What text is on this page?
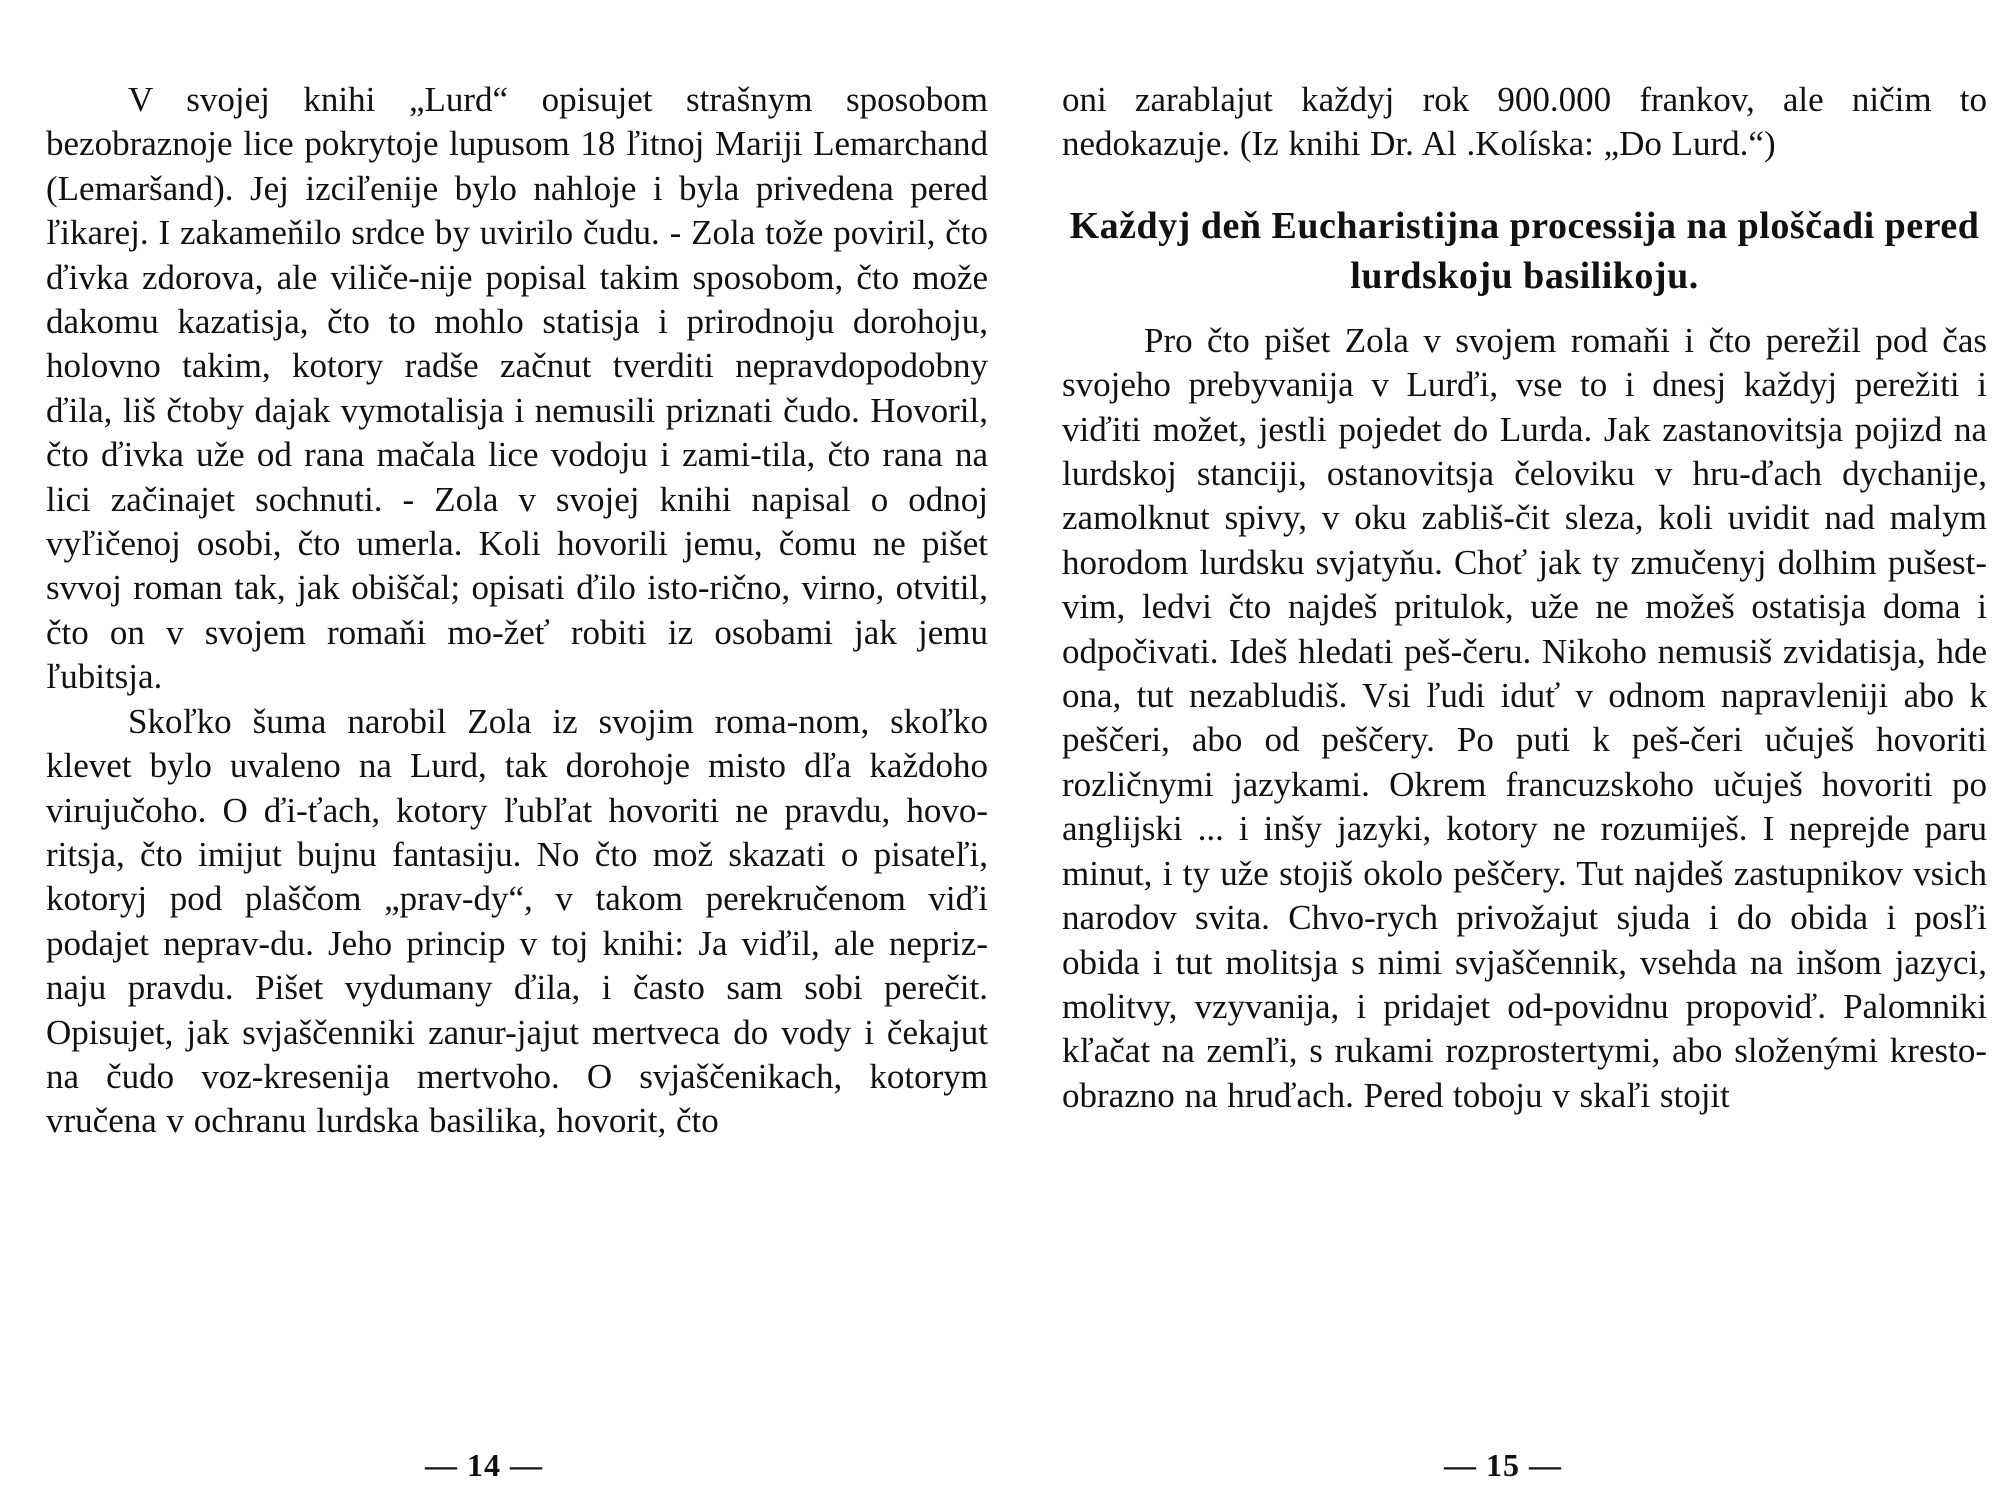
V svojej knihi „Lurd“ opisujet strašnym sposobom bezobraznoje lice pokrytoje lupusom 18 ľitnoj Mariji Lemarchand (Lemaršand). Jej izciľenije bylo nahloje i byla privedena pered ľikarej. I zakameňilo srdce by uvirilo čudu. - Zola tože poviril, čto ďivka zdorova, ale viliče-nije popisal takim sposobom, čto može dakomu kazatisja, čto to mohlo statisja i prirodnoju dorohoju, holovno takim, kotory radše začnut tverditi nepravdopodobny ďila, liš čtoby dajak vymotalisja i nemusili priznati čudo. Hovoril, čto ďivka uže od rana mačala lice vodoju i zami-tila, čto rana na lici začinajet sochnuti. - Zola v svojej knihi napisal o odnoj vyľičenoj osobi, čto umerla. Koli hovorili jemu, čomu ne pišet svvoj roman tak, jak obiščal; opisati ďilo isto-rično, virno, otvitil, čto on v svojem romaňi mo-žeť robiti iz osobami jak jemu ľubitsja.

Skoľko šuma narobil Zola iz svojim roma-nom, skoľko klevet bylo uvaleno na Lurd, tak dorohoje misto dľa každoho virujučoho. O ďi-ťach, kotory ľubľat hovoriti ne pravdu, hovo-ritsja, čto imijut bujnu fantasiju. No čto mož skazati o pisateľi, kotoryj pod plaščom „prav-dy“, v takom perekručenom viďi podajet neprav-du. Jeho princip v toj knihi: Ja viďil, ale nepriz-naju pravdu. Pišet vydumany ďila, i často sam sobi perečit. Opisujet, jak svjaščenniki zanur-jajut mertveca do vody i čekajut na čudo voz-kresenija mertvoho. O svjaščenikach, kotorym vručena v ochranu lurdska basilika, hovorit, čto

— 14 —

oni zarablajut každyj rok 900.000 frankov, ale ničim to nedokazuje. (Iz knihi Dr. Al .Kolíska: „Do Lurd.“)

Každyj deň Eucharistijna processija na ploščadi pered lurdskoju basilikoju.

Pro čto pišet Zola v svojem romaňi i čto perežil pod čas svojeho prebyvanija v Lurďi, vse to i dnesj každyj perežiti i viďiti možet, jestli pojedet do Lurda. Jak zastanovitsja pojizd na lurdskoj stanciji, ostanovitsja čeloviku v hru-ďach dychanije, zamolknut spivy, v oku zabliš-čit sleza, koli uvidit nad malym horodom lurdsku svjatyňu. Choť jak ty zmučenyj dolhim pušest-vim, ledvi čto najdeš pritulok, uže ne možeš ostatisja doma i odpočivati. Ideš hledati peš-čeru. Nikoho nemusiš zvidatisja, hde ona, tut nezabludiš. Vsi ľudi iduť v odnom napravleniji abo k peščeri, abo od peščery. Po puti k peš-čeri učuješ hovoriti rozličnymi jazykami. Okrem francuzskoho učuješ hovoriti po anglijski ... i inšy jazyki, kotory ne rozumiješ. I neprejde paru minut, i ty uže stojiš okolo peščery. Tut najdeš zastupnikov vsich narodov svita. Chvo-rych privožajut sjuda i do obida i posľi obida i tut molitsja s nimi svjaščennik, vsehda na inšom jazyci, molitvy, vzyvanija, i pridajet od-povidnu propoviď. Palomniki kľačat na zemľi, s rukami rozprostertymi, abo složenými kresto-obrazno na hruďach. Pered toboju v skaľi stojit

— 15 —
